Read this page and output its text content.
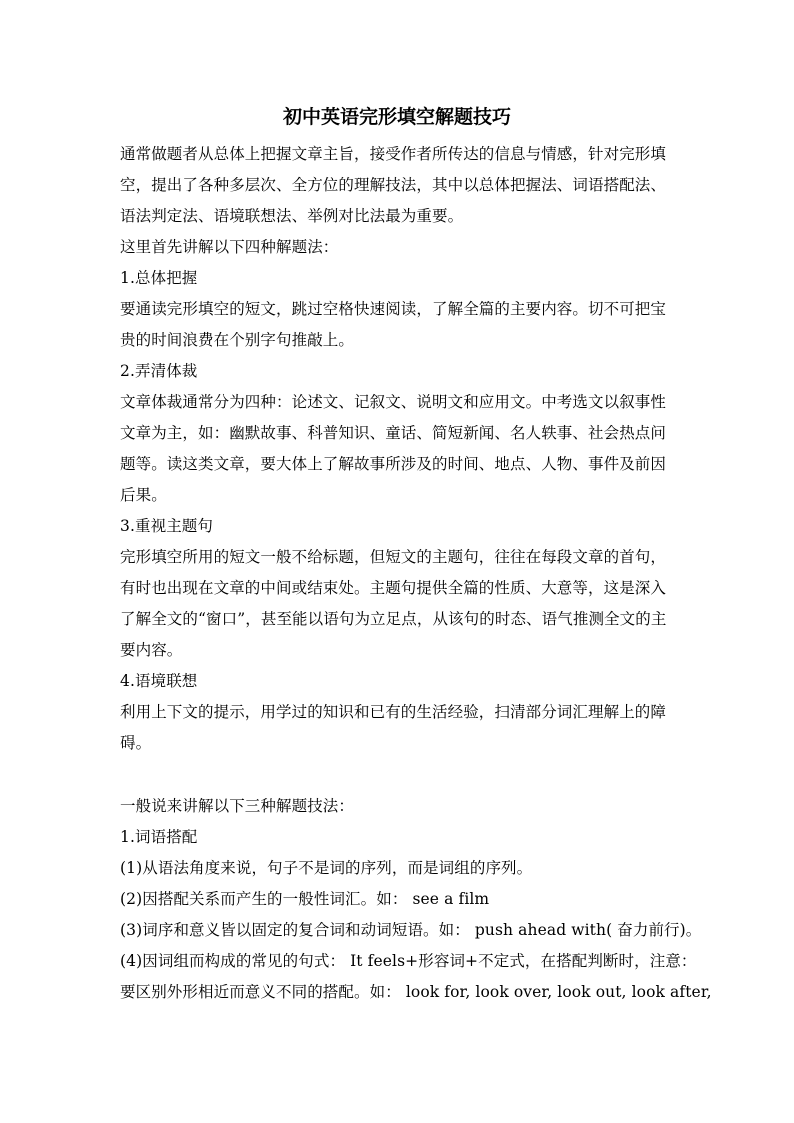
初中英语完形填空解题技巧
通常做题者从总体上把握文章主旨，接受作者所传达的信息与情感，针对完形填
空，提出了各种多层次、全方位的理解技法，其中以总体把握法、词语搭配法、
语法判定法、语境联想法、举例对比法最为重要。
这里首先讲解以下四种解题法：
1.总体把握
要通读完形填空的短文，跳过空格快速阅读，了解全篇的主要内容。切不可把宝
贵的时间浪费在个别字句推敲上。
2.弄清体裁
文章体裁通常分为四种：论述文、记叙文、说明文和应用文。中考选文以叙事性
文章为主，如：幽默故事、科普知识、童话、简短新闻、名人轶事、社会热点问
题等。读这类文章，要大体上了解故事所涉及的时间、地点、人物、事件及前因
后果。
3.重视主题句
完形填空所用的短文一般不给标题，但短文的主题句，往往在每段文章的首句，
有时也出现在文章的中间或结束处。主题句提供全篇的性质、大意等，这是深入
了解全文的“窗口”，甚至能以语句为立足点，从该句的时态、语气推测全文的主
要内容。
4.语境联想
利用上下文的提示，用学过的知识和已有的生活经验，扫清部分词汇理解上的障
碍。
一般说来讲解以下三种解题技法：
1.词语搭配
(1)从语法角度来说，句子不是词的序列，而是词组的序列。
(2)因搭配关系而产生的一般性词汇。如： see a film
(3)词序和意义皆以固定的复合词和动词短语。如： push ahead with( 奋力前行)。
(4)因词组而构成的常见的句式： It feels+形容词+不定式，在搭配判断时，注意：
要区别外形相近而意义不同的搭配。如： look for, look over, look out, look after,
